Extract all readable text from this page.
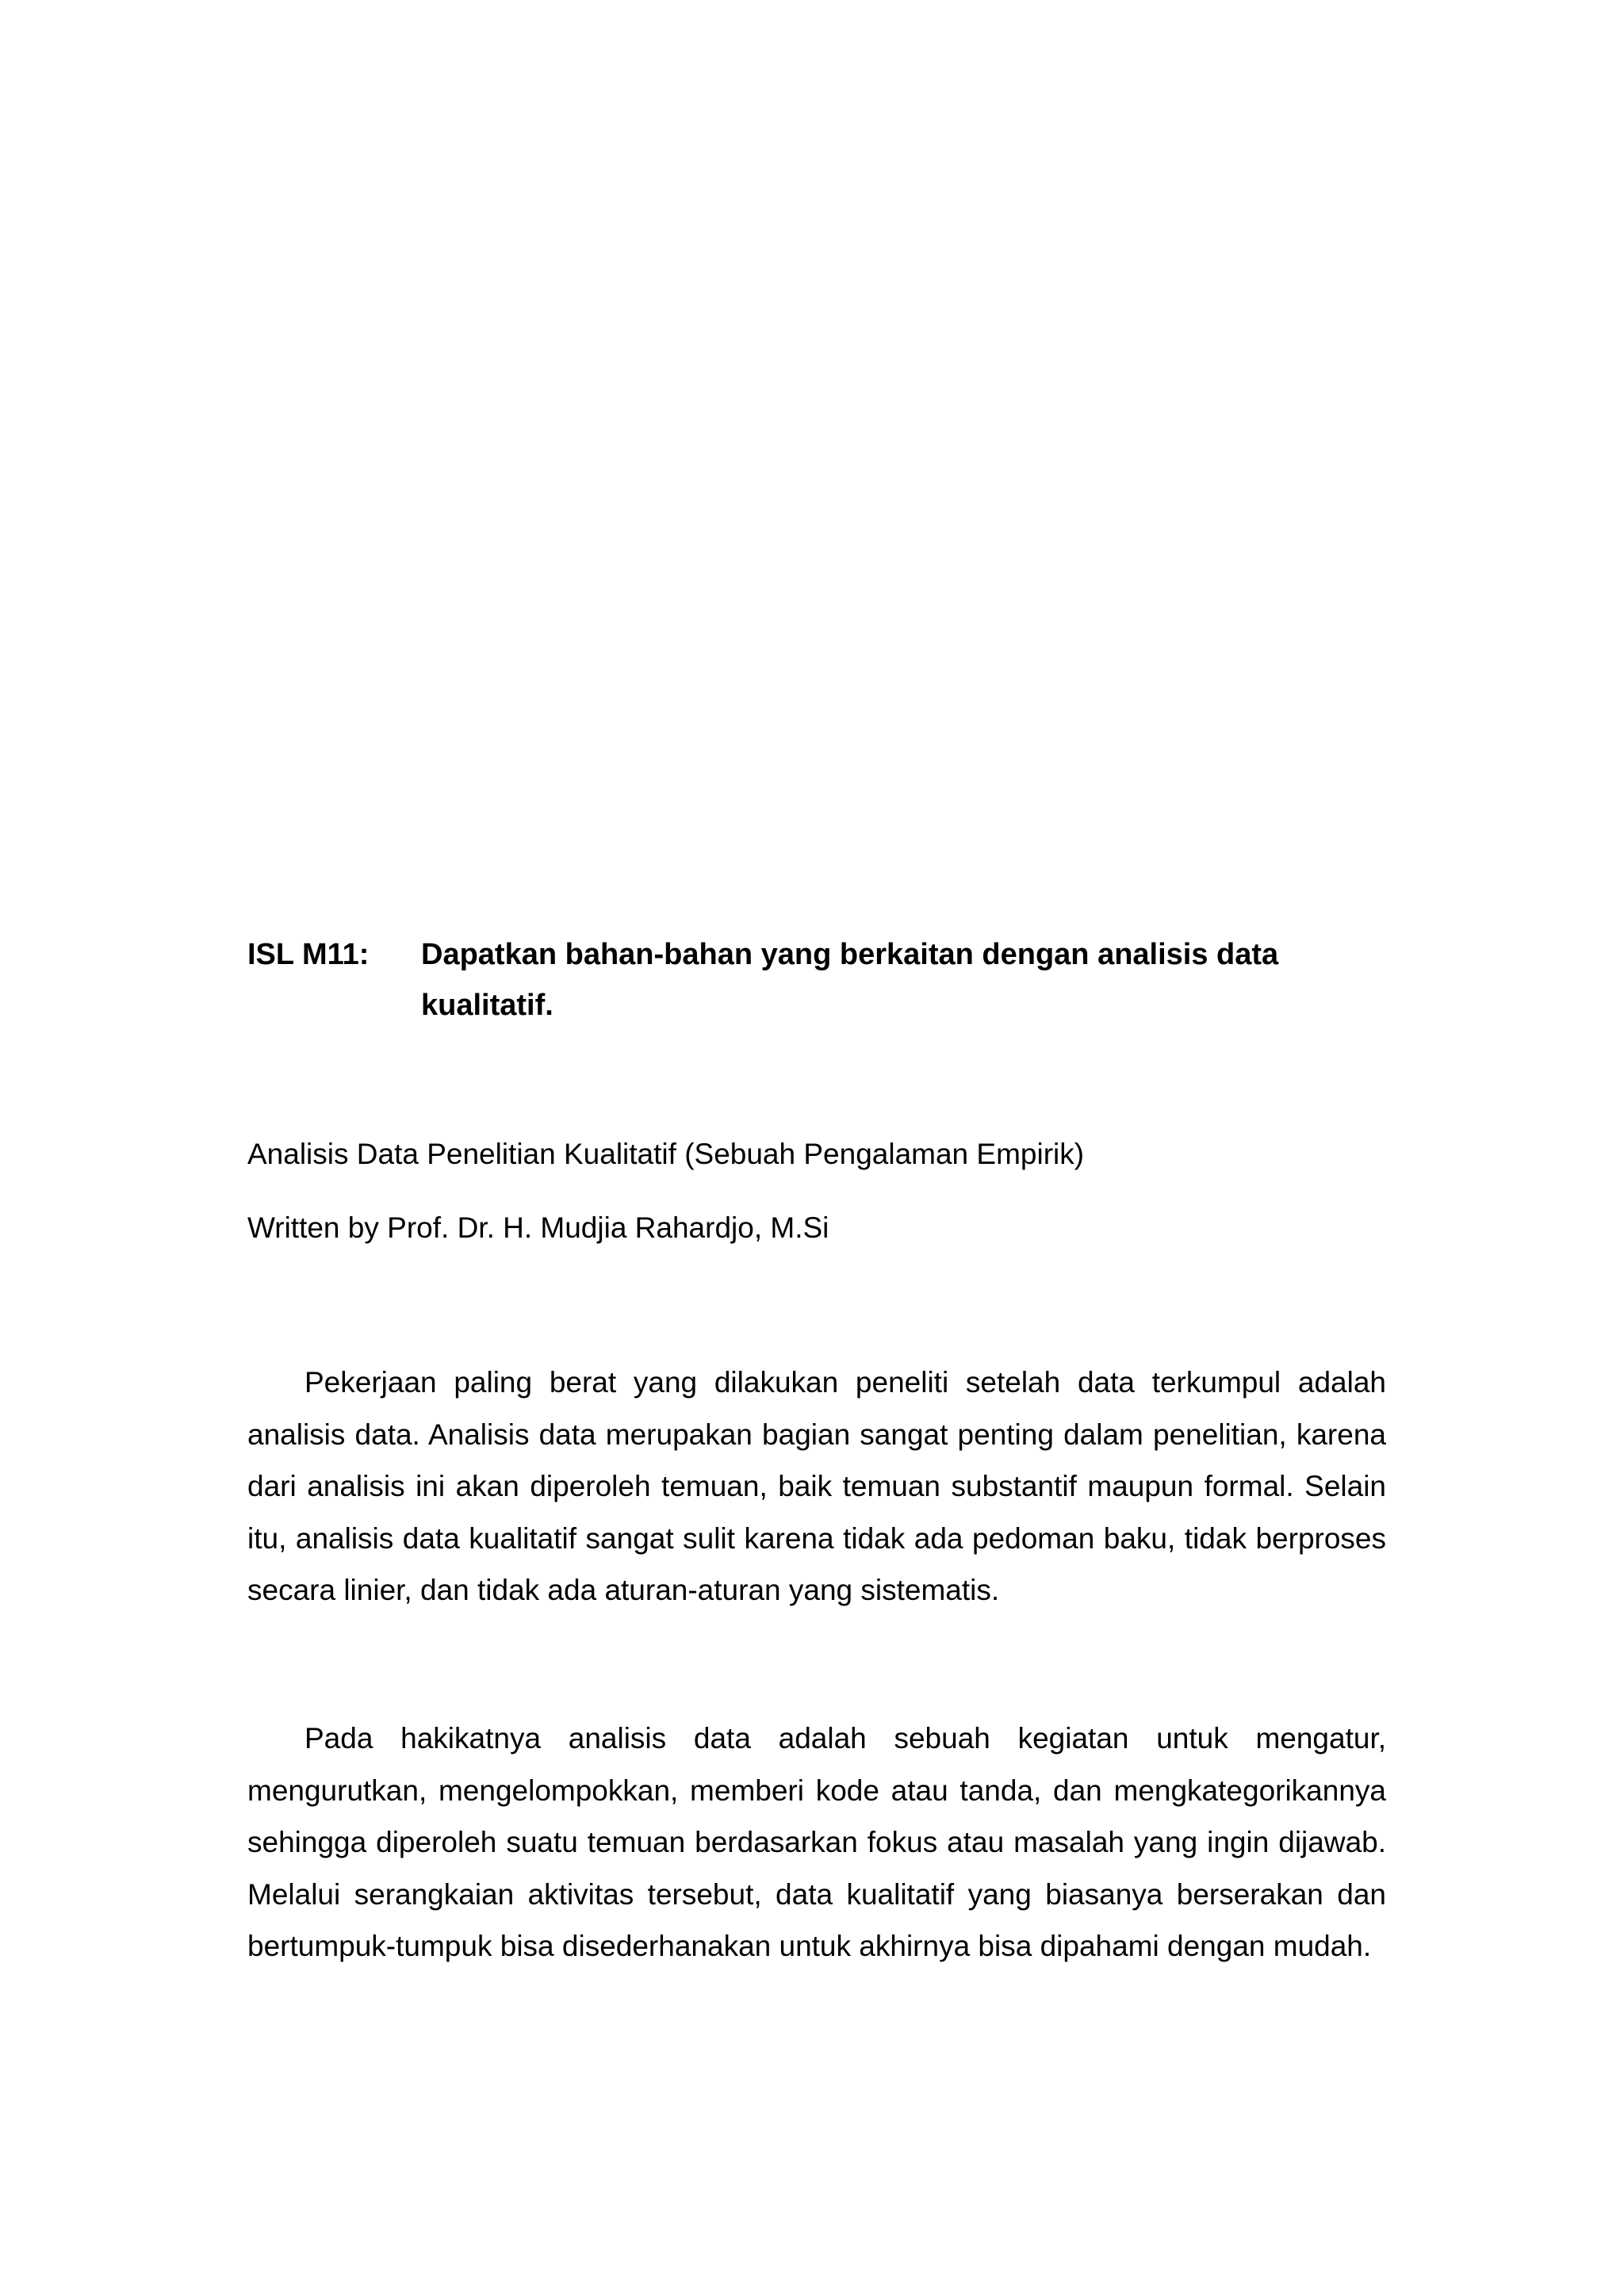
ISL M11: Dapatkan bahan-bahan yang berkaitan dengan analisis data kualitatif.
Analisis Data Penelitian Kualitatif (Sebuah Pengalaman Empirik)
Written by Prof. Dr. H. Mudjia Rahardjo, M.Si

Pekerjaan paling berat yang dilakukan peneliti setelah data terkumpul adalah analisis data. Analisis data merupakan bagian sangat penting dalam penelitian, karena dari analisis ini akan diperoleh temuan, baik temuan substantif maupun formal. Selain itu, analisis data kualitatif sangat sulit karena tidak ada pedoman baku, tidak berproses secara linier, dan tidak ada aturan-aturan yang sistematis.

Pada hakikatnya analisis data adalah sebuah kegiatan untuk mengatur, mengurutkan, mengelompokkan, memberi kode atau tanda, dan mengkategorikannya sehingga diperoleh suatu temuan berdasarkan fokus atau masalah yang ingin dijawab. Melalui serangkaian aktivitas tersebut, data kualitatif yang biasanya berserakan dan bertumpuk-tumpuk bisa disederhanakan untuk akhirnya bisa dipahami dengan mudah.
